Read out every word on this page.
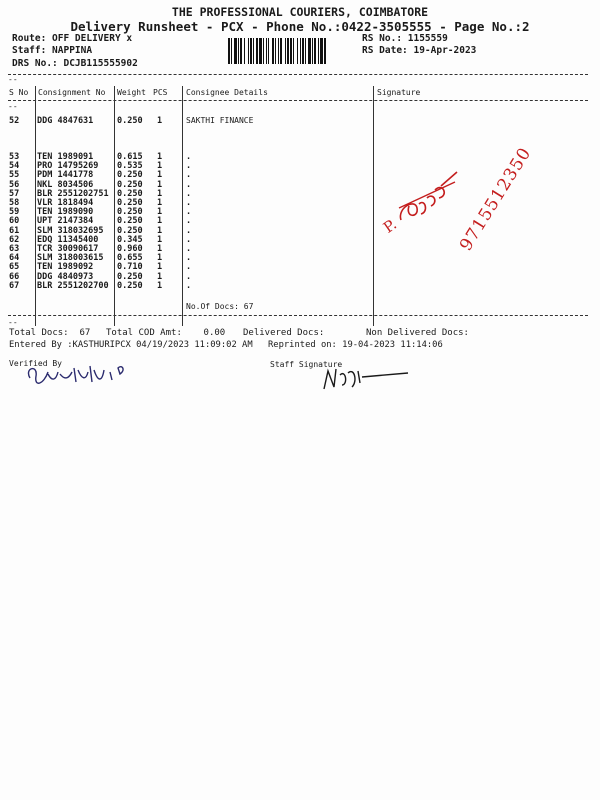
THE PROFESSIONAL COURIERS, COIMBATORE
Delivery Runsheet - PCX - Phone No.:0422-3505555 - Page No.:2
Route: OFF DELIVERY x
Staff: NAPPINA
DRS No.: DCJB115555902
RS No.: 1155559
RS Date: 19-Apr-2023
--
S No Consignment No Weight PCS Consignee Details	Signature
--
52 DDG 4847631	0.250 1	SAKTHI FINANCE
53 TEN 1989091	0.615 1	.
54 PRO 14795269 0.535 1	.
55 PDM 1441778	0.250 1	.
56 NKL 8034506	0.250 1	.
57 BLR 2551202751 0.250 1	.
58 VLR 1818494	0.250 1	.
59 TEN 1989090	0.250 1	.
60 UPT 2147384	0.250 1	.
61 SLM 318032695 0.250 1	.
62 EDQ 11345400 0.345 1	.
63 TCR 30090617 0.960 1	.
64 SLM 318003615 0.655 1	.
65 TEN 1989092	0.710 1	.
66 DDG 4840973	0.250 1	.
67 BLR 2551202700 0.250 1	.
No.Of Docs: 67
--
Total Docs:  67 Total COD Amt:    0.00 Delivered Docs:	Non Delivered Docs:
Entered By :KASTHURIPCX 04/19/2023 11:09:02 AM Reprinted on: 19-04-2023 11:14:06
Verified By	Staff Signature
P.	9715512350
